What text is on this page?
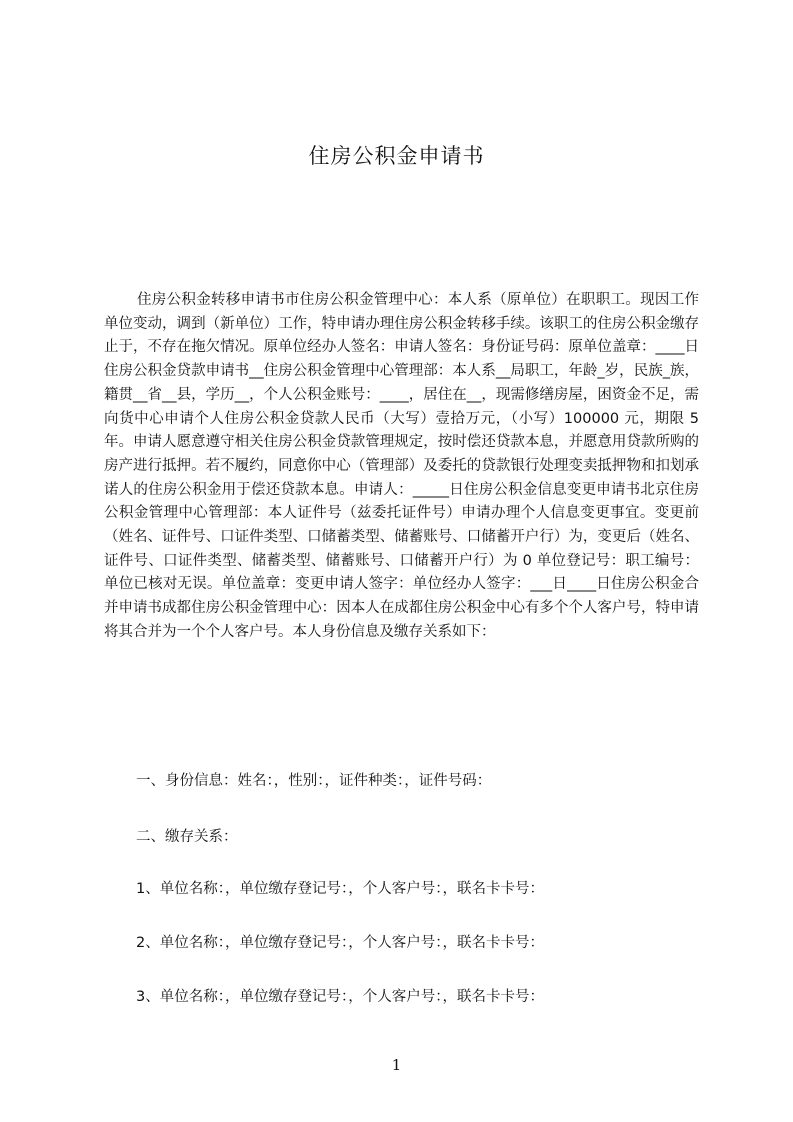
住房公积金申请书

住房公积金转移申请书市住房公积金管理中心：本人系（原单位）在职职工。现因工作单位变动，调到（新单位）工作，特申请办理住房公积金转移手续。该职工的住房公积金缴存止于，不存在拖欠情况。原单位经办人签名：申请人签名：身份证号码：原单位盖章：____日住房公积金贷款申请书__住房公积金管理中心管理部：本人系__局职工，年龄_岁，民族_族，籍贯__省__县，学历__，个人公积金账号：____，居住在__，现需修缮房屋，困资金不足，需向货中心申请个人住房公积金贷款人民币（大写）壹拾万元，（小写）100000 元，期限 5 年。申请人愿意遵守相关住房公积金贷款管理规定，按时偿还贷款本息，并愿意用贷款所购的房产进行抵押。若不履约，同意你中心（管理部）及委托的贷款银行处理变卖抵押物和扣划承诺人的住房公积金用于偿还贷款本息。申请人：_____日住房公积金信息变更申请书北京住房公积金管理中心管理部：本人证件号（兹委托证件号）申请办理个人信息变更事宜。变更前（姓名、证件号、口证件类型、口储蓄类型、储蓄账号、口储蓄开户行）为，变更后（姓名、证件号、口证件类型、储蓄类型、储蓄账号、口储蓄开户行）为 0 单位登记号：职工编号：单位已核对无误。单位盖章：变更申请人签字：单位经办人签字：___日____日住房公积金合并申请书成都住房公积金管理中心：因本人在成都住房公积金中心有多个个人客户号，特申请将其合并为一个个人客户号。本人身份信息及缴存关系如下：

一、身份信息：姓名：，性别：，证件种类：，证件号码：

二、缴存关系：

1、单位名称：，单位缴存登记号：，个人客户号：，联名卡卡号：

2、单位名称：，单位缴存登记号：，个人客户号：，联名卡卡号：

3、单位名称：，单位缴存登记号：，个人客户号：，联名卡卡号：

1
